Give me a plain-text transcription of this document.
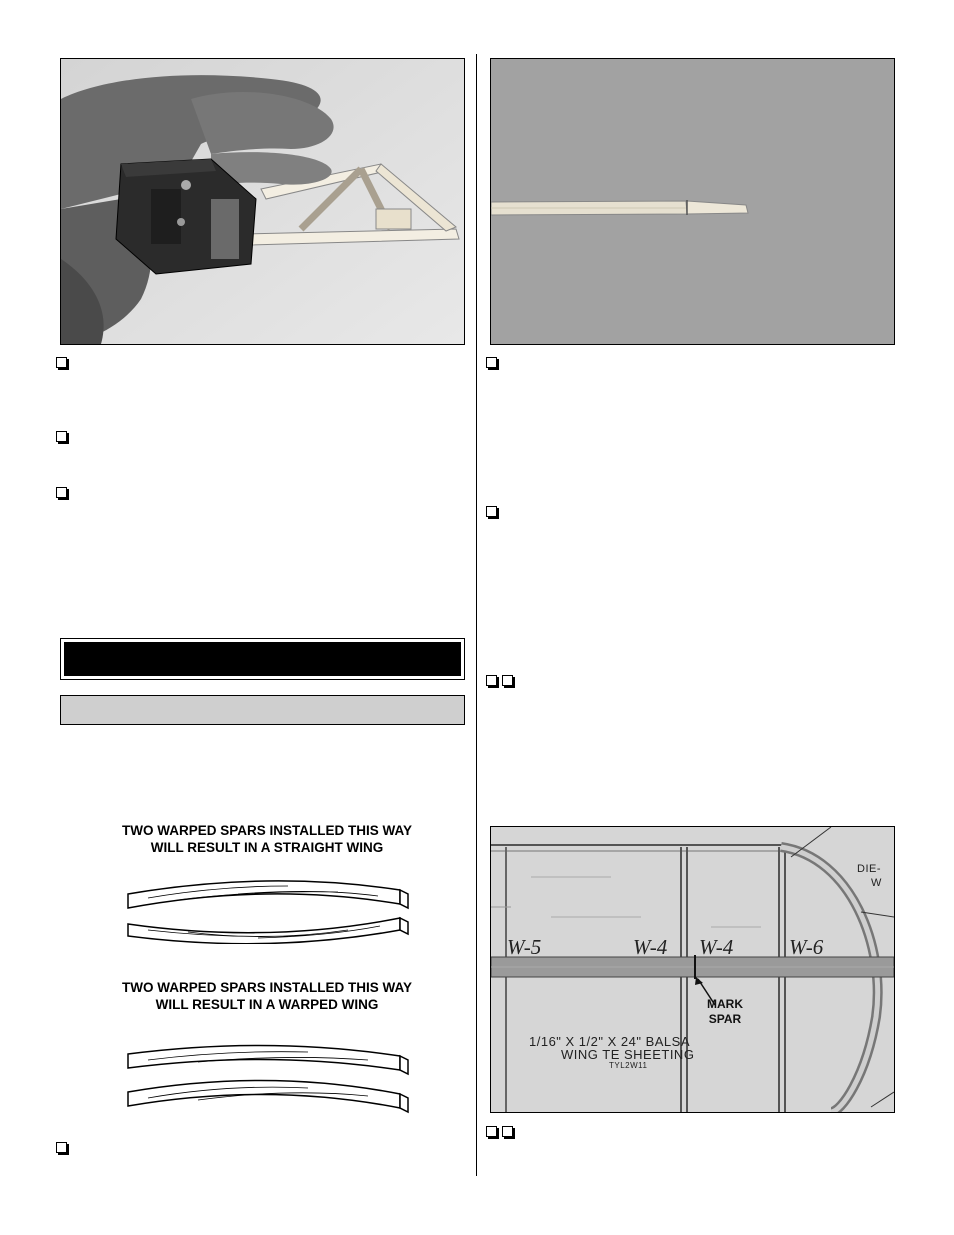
TWO WARPED SPARS INSTALLED THIS WAY WILL RESULT IN A STRAIGHT WING
TWO WARPED SPARS INSTALLED THIS WAY WILL RESULT IN A WARPED WING
W-5	W-4 W-4	W-6
DIE-
W
MARK
SPAR
1/16" X 1/2" X 24" BALSA
WING TE SHEETING
TYL2W11
